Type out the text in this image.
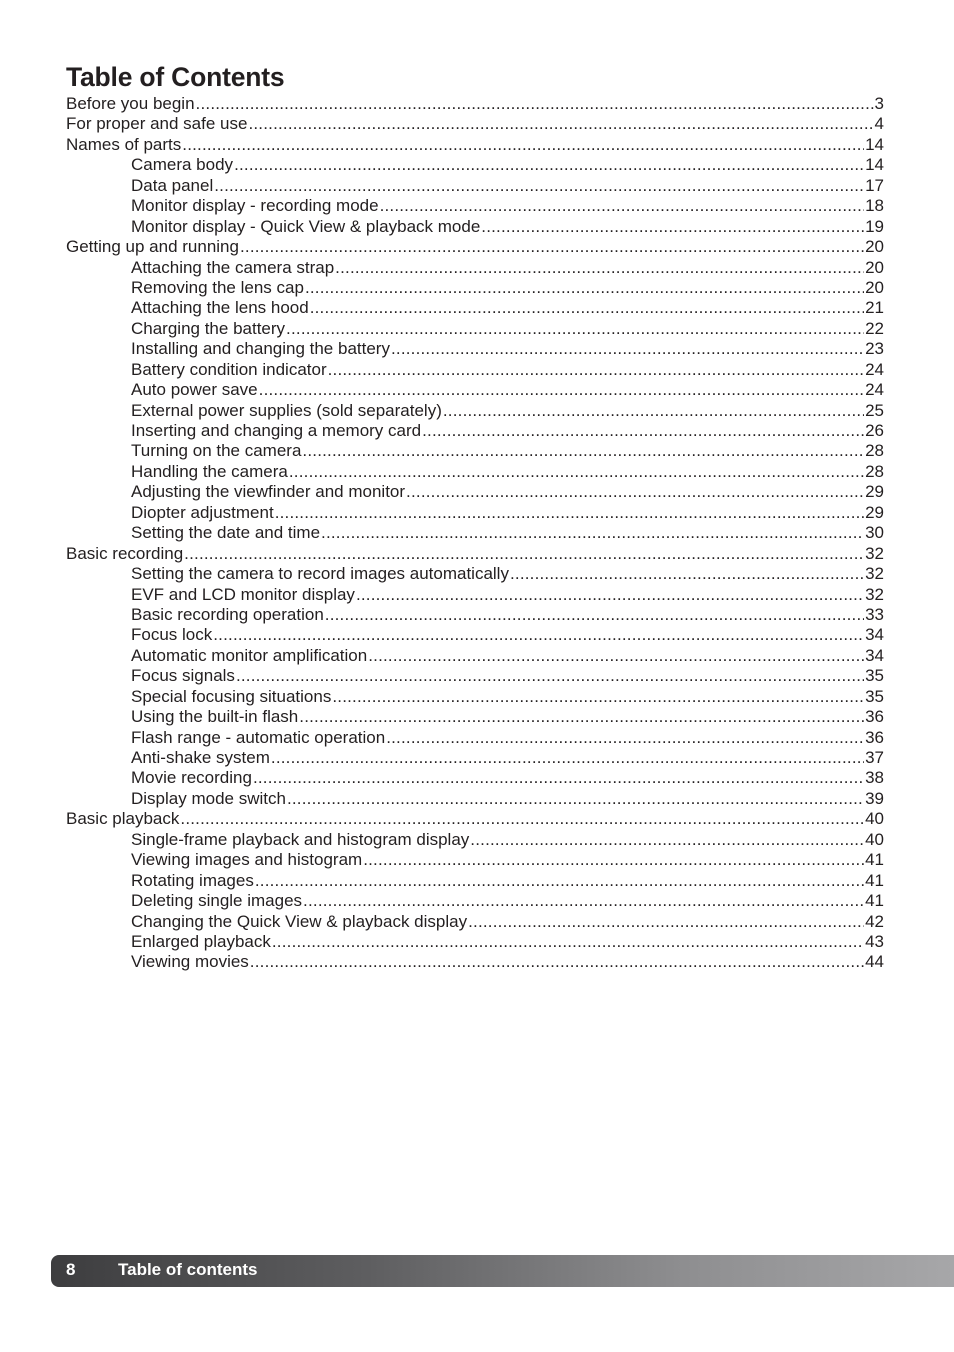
Table of Contents
Before you begin .....	3
For proper and safe use .....	4
Names of parts .....	14
Camera body .....	14
Data panel .....	17
Monitor display - recording mode .....	18
Monitor display - Quick View & playback mode .....	19
Getting up and running .....	20
Attaching the camera strap .....	20
Removing the lens cap .....	20
Attaching the lens hood .....	21
Charging the battery .....	22
Installing and changing the battery .....	23
Battery condition indicator .....	24
Auto power save .....	24
External power supplies (sold separately) .....	25
Inserting and changing a memory card .....	26
Turning on the camera .....	28
Handling the camera .....	28
Adjusting the viewfinder and monitor .....	29
Diopter adjustment .....	29
Setting the date and time .....	30
Basic recording .....	32
Setting the camera to record images automatically .....	32
EVF and LCD monitor display .....	32
Basic recording operation .....	33
Focus lock .....	34
Automatic monitor amplification .....	34
Focus signals .....	35
Special focusing situations .....	35
Using the built-in flash .....	36
Flash range - automatic operation .....	36
Anti-shake system .....	37
Movie recording .....	38
Display mode switch .....	39
Basic playback .....	40
Single-frame playback and histogram display .....	40
Viewing images and histogram .....	41
Rotating images .....	41
Deleting single images .....	41
Changing the Quick View & playback display .....	42
Enlarged playback .....	43
Viewing movies .....	44
8	Table of contents
